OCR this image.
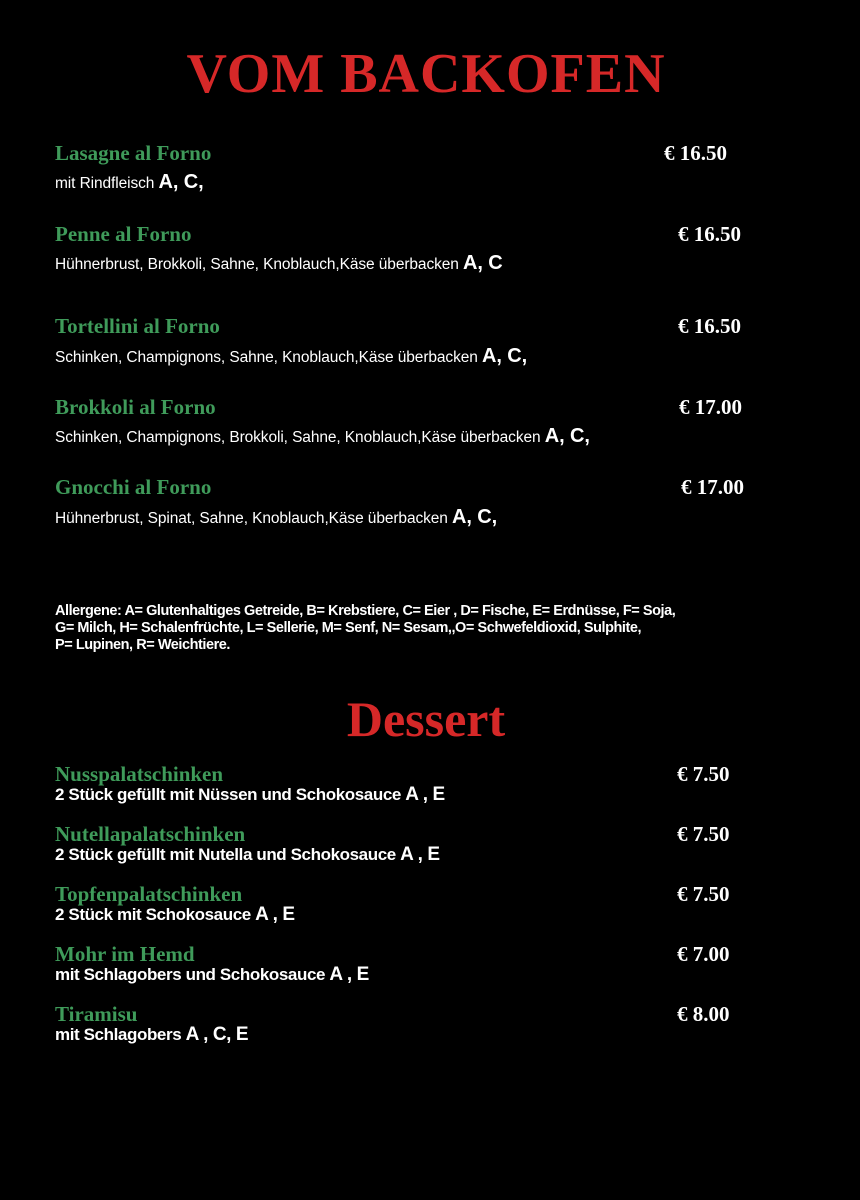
VOM BACKOFEN

Lasagne al Forno	€ 16.50

mit Rindfleisch A, C,

Penne al Forno	€ 16.50

Hühnerbrust, Brokkoli, Sahne, Knoblauch,Käse überbacken A, C

Tortellini al Forno	€ 16.50

Schinken, Champignons, Sahne, Knoblauch,Käse überbacken A, C,

Brokkoli al Forno	€ 17.00

Schinken, Champignons, Brokkoli, Sahne, Knoblauch,Käse überbacken A, C,

Gnocchi al Forno	€ 17.00

Hühnerbrust, Spinat, Sahne, Knoblauch,Käse überbacken A, C,

Allergene: A= Glutenhaltiges Getreide, B= Krebstiere, C= Eier , D= Fische, E= Erdnüsse, F= Soja,
G= Milch, H= Schalenfrüchte, L= Sellerie, M= Senf, N= Sesam,,O= Schwefeldioxid, Sulphite,
P= Lupinen, R= Weichtiere.

Dessert

Nusspalatschinken	€ 7.50

2 Stück gefüllt mit Nüssen und Schokosauce A , E

Nutellapalatschinken	€ 7.50

2 Stück gefüllt mit Nutella und Schokosauce A , E

Topfenpalatschinken	€ 7.50

2 Stück mit Schokosauce A , E

Mohr im Hemd	€ 7.00

mit Schlagobers und Schokosauce A , E

Tiramisu	€ 8.00

mit Schlagobers A , C, E
